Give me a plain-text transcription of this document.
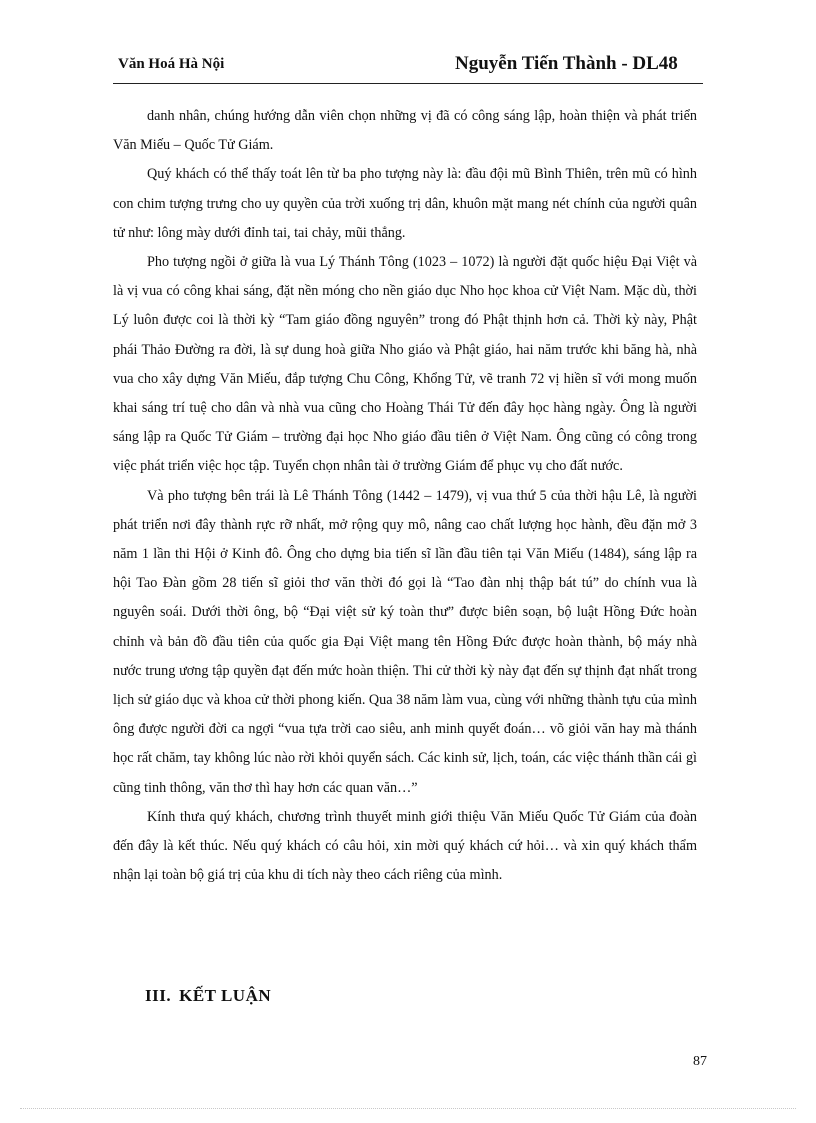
Văn Hoá Hà Nội	Nguyễn Tiến Thành - DL48

danh nhân, chúng hướng dẫn viên chọn những vị đã có công sáng lập, hoàn thiện và phát triển Văn Miếu – Quốc Tử Giám.

Quý khách có thể thấy toát lên từ ba pho tượng này là: đầu đội mũ Bình Thiên, trên mũ có hình con chim tượng trưng cho uy quyền của trời xuống trị dân, khuôn mặt mang nét chính của người quân tử như: lông mày dưới đỉnh tai, tai chảy, mũi thẳng.

Pho tượng ngồi ở giữa là vua Lý Thánh Tông (1023 – 1072) là người đặt quốc hiệu Đại Việt và là vị vua có công khai sáng, đặt nền móng cho nền giáo dục Nho học khoa cử Việt Nam. Mặc dù, thời Lý luôn được coi là thời kỳ “Tam giáo đồng nguyên” trong đó Phật thịnh hơn cả. Thời kỳ này, Phật phái Thảo Đường ra đời, là sự dung hoà giữa Nho giáo và Phật giáo, hai năm trước khi băng hà, nhà vua cho xây dựng Văn Miếu, đắp tượng Chu Công, Khổng Tử, vẽ tranh 72 vị hiền sĩ với mong muốn khai sáng trí tuệ cho dân và nhà vua cũng cho Hoàng Thái Tử đến đây học hàng ngày. Ông là người sáng lập ra Quốc Tử Giám – trường đại học Nho giáo đầu tiên ở Việt Nam. Ông cũng có công trong việc phát triển việc học tập. Tuyển chọn nhân tài ở trường Giám để phục vụ cho đất nước.

Và pho tượng bên trái là Lê Thánh Tông (1442 – 1479), vị vua thứ 5 của thời hậu Lê, là người phát triển nơi đây thành rực rỡ nhất, mở rộng quy mô, nâng cao chất lượng học hành, đều đặn mở 3 năm 1 lần thi Hội ở Kinh đô. Ông cho dựng bia tiến sĩ lần đầu tiên tại Văn Miếu (1484), sáng lập ra hội Tao Đàn gồm 28 tiến sĩ giỏi thơ văn thời đó gọi là “Tao đàn nhị thập bát tú” do chính vua là nguyên soái. Dưới thời ông, bộ “Đại việt sử ký toàn thư” được biên soạn, bộ luật Hồng Đức hoàn chỉnh và bản đồ đầu tiên của quốc gia Đại Việt mang tên Hồng Đức được hoàn thành, bộ máy nhà nước trung ương tập quyền đạt đến mức hoàn thiện. Thi cử thời kỳ này đạt đến sự thịnh đạt nhất trong lịch sử giáo dục và khoa cử thời phong kiến. Qua 38 năm làm vua, cùng với những thành tựu của mình ông được người đời ca ngợi “vua tựa trời cao siêu, anh minh quyết đoán… võ giỏi văn hay mà thánh học rất chăm, tay không lúc nào rời khỏi quyển sách. Các kinh sử, lịch, toán, các việc thánh thần cái gì cũng tinh thông, văn thơ thì hay hơn các quan văn…”

Kính thưa quý khách, chương trình thuyết minh giới thiệu Văn Miếu Quốc Tử Giám của đoàn đến đây là kết thúc. Nếu quý khách có câu hỏi, xin mời quý khách cứ hỏi… và xin quý khách thẩm nhận lại toàn bộ giá trị của khu di tích này theo cách riêng của mình.

III. KẾT LUẬN
87
